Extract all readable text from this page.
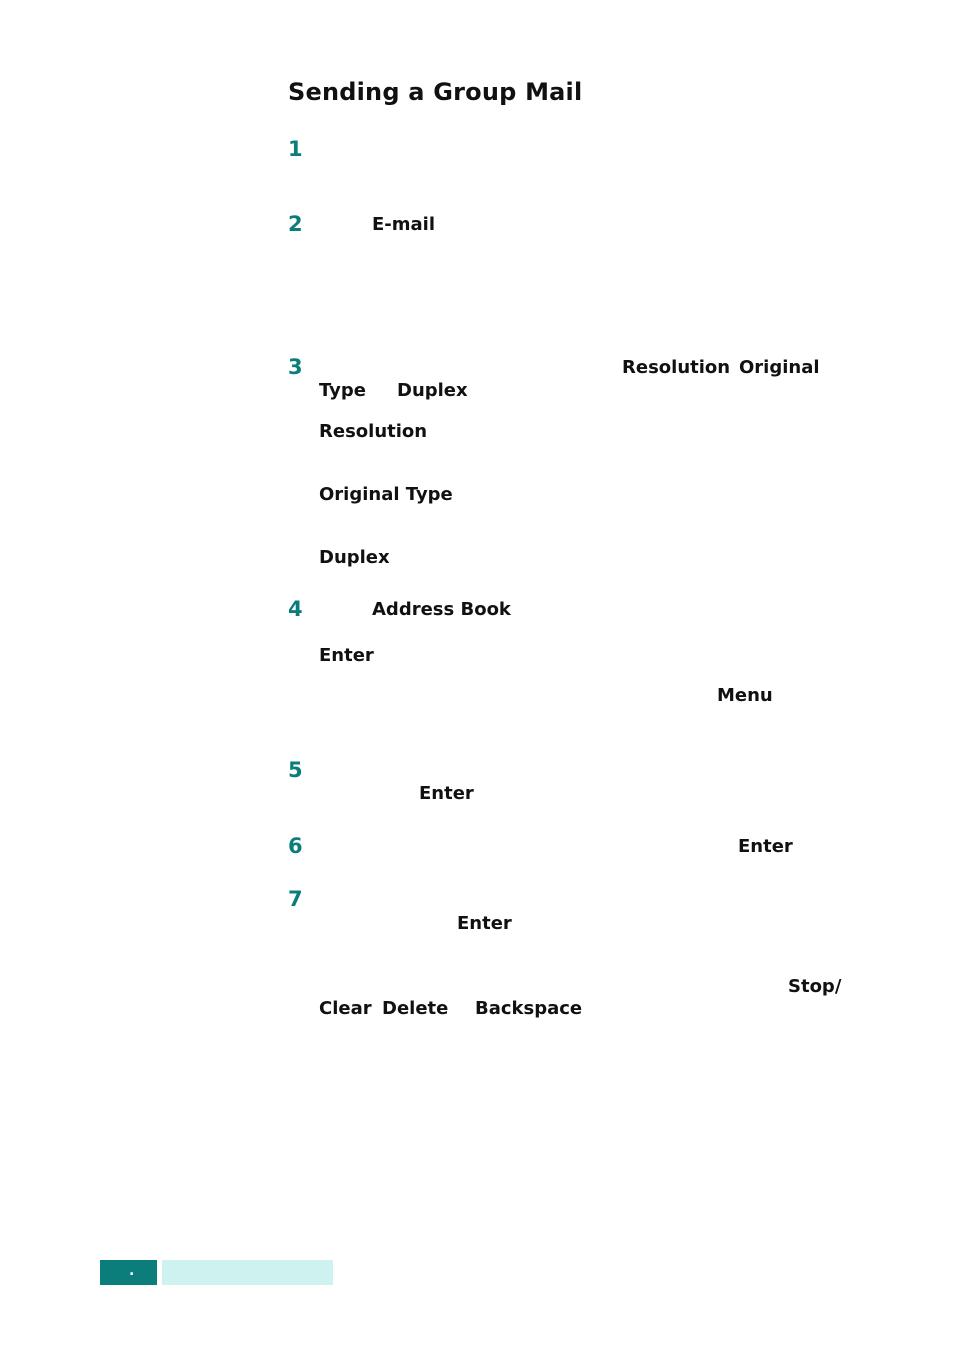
Sending a Group Mail
1
2
3
4
5
6
7
E-mail
Resolution Original
Type Duplex
Resolution
Original Type
Duplex
Address Book
Enter
Menu
Enter
Enter
Enter
Stop/
Clear Delete Backspace
.
